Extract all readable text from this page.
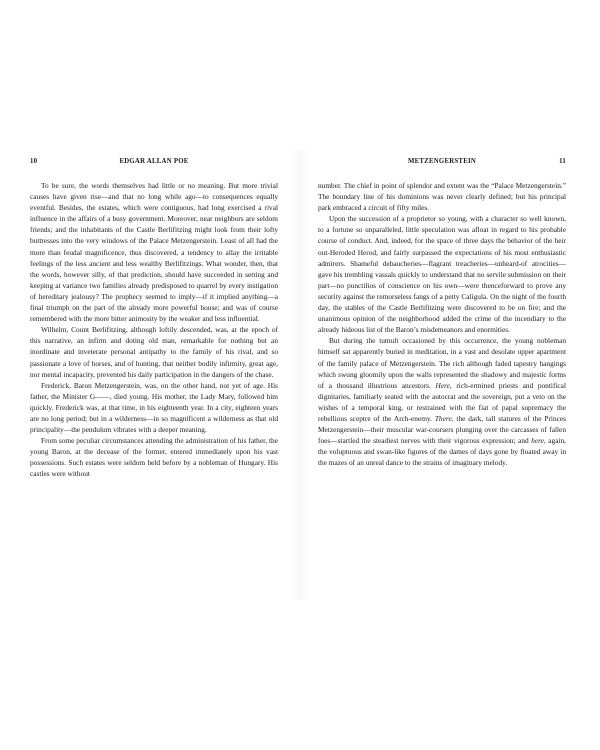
10	EDGAR ALLAN POE

To be sure, the words themselves had little or no meaning. But more trivial causes have given rise—and that no long while ago—to consequences equally eventful. Besides, the estates, which were contiguous, had long exercised a rival influence in the affairs of a busy government. Moreover, near neighbors are seldom friends; and the inhabitants of the Castle Berlifitzing might look from their lofty buttresses into the very windows of the Palace Metzengerstein. Least of all had the more than feudal magnificence, thus discovered, a tendency to allay the irritable feelings of the less ancient and less wealthy Berlifitzings. What wonder, then, that the words, however silly, of that prediction, should have succeeded in setting and keeping at variance two families already predisposed to quarrel by every instigation of hereditary jealousy? The prophecy seemed to imply—if it implied anything—a final triumph on the part of the already more powerful house; and was of course remembered with the more bitter animosity by the weaker and less influential.

Wilhelm, Count Berlifitzing, although loftily descended, was, at the epoch of this narrative, an infirm and doting old man, remarkable for nothing but an inordinate and inveterate personal antipathy to the family of his rival, and so passionate a love of horses, and of hunting, that neither bodily infirmity, great age, nor mental incapacity, prevented his daily participation in the dangers of the chase.

Frederick, Baron Metzengerstein, was, on the other hand, not yet of age. His father, the Minister G——, died young. His mother, the Lady Mary, followed him quickly. Frederick was, at that time, in his eighteenth year. In a city, eighteen years are no long period; but in a wilderness—in so magnificent a wilderness as that old principality—the pendulum vibrates with a deeper meaning.

From some peculiar circumstances attending the administration of his father, the young Baron, at the decease of the former, entered immediately upon his vast possessions. Such estates were seldom held before by a nobleman of Hungary. His castles were without

METZENGERSTEIN	11

number. The chief in point of splendor and extent was the “Palace Metzengerstein.” The boundary line of his dominions was never clearly defined; but his principal park embraced a circuit of fifty miles.

Upon the succession of a proprietor so young, with a character so well known, to a fortune so unparalleled, little speculation was afloat in regard to his probable course of conduct. And, indeed, for the space of three days the behavior of the heir out-Heroded Herod, and fairly surpassed the expectations of his most enthusiastic admirers. Shameful debaucheries—flagrant treacheries—unheard-of atrocities—gave his trembling vassals quickly to understand that no servile submission on their part—no punctilios of conscience on his own—were thenceforward to prove any security against the remorseless fangs of a petty Caligula. On the night of the fourth day, the stables of the Castle Berlifitzing were discovered to be on fire; and the unanimous opinion of the neighborhood added the crime of the incendiary to the already hideous list of the Baron’s misdemeanors and enormities.

But during the tumult occasioned by this occurrence, the young nobleman himself sat apparently buried in meditation, in a vast and desolate upper apartment of the family palace of Metzengerstein. The rich although faded tapestry hangings which swung gloomily upon the walls represented the shadowy and majestic forms of a thousand illustrious ancestors. Here, rich-ermined priests and pontifical dignitaries, familiarly seated with the autocrat and the sovereign, put a veto on the wishes of a temporal king, or restrained with the fiat of papal supremacy the rebellious sceptre of the Arch-enemy. There, the dark, tall statures of the Princes Metzengerstein—their muscular war-coursers plunging over the carcasses of fallen foes—startled the steadiest nerves with their vigorous expression; and here, again, the voluptuous and swan-like figures of the dames of days gone by floated away in the mazes of an unreal dance to the strains of imaginary melody.
